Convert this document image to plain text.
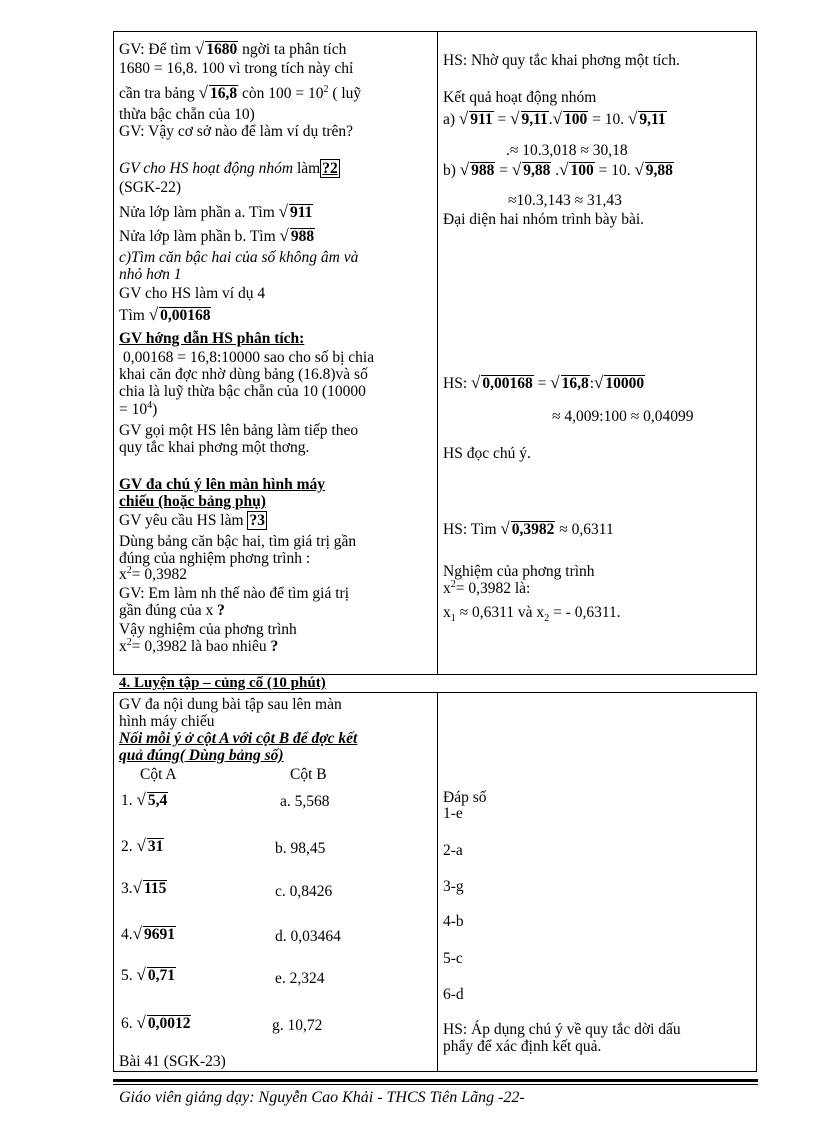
GV: Để tìm √ 1680 ngời ta phân tích
1680 = 16,8. 100 vì trong tích này chỉ
cần tra bảng √ 16,8 còn $100 = 10^2$ ( luỹ
thừa bậc chẵn của 10)
GV: Vậy cơ sở nào để làm ví dụ trên?
GV cho HS hoạt động nhóm làm ?2
(SGK-22)
Nửa lớp làm phần a. Tìm √ 911
Nửa lớp làm phần b. Tìm √ 988
c)Tìm căn bậc hai của số không âm và
nhỏ hơn 1
GV cho HS làm ví dụ 4
Tìm √ 0,00168
GV hớng dẫn HS phân tích:
0,00168 = 16,8:10000 sao cho số bị chia
khai căn đợc nhờ dùng bảng (16.8)và số
chia là luỹ thừa bậc chẵn của 10 (10000
= $10^4$)
GV gọi một HS lên bảng làm tiếp theo
quy tắc khai phơng một thơng.
GV đa chú ý lên màn hình máy
chiếu (hoặc bảng phụ)
GV yêu cầu HS làm ?3
Dùng bảng căn bậc hai, tìm giá trị gần
đúng của nghiệm phơng trình :
$x^2= 0,3982$
GV: Em làm nh thế nào để tìm giá trị
gần đúng của x ?
Vậy nghiệm của phơng trình
$x^2= 0,3982$ là bao nhiêu ?
HS: Nhờ quy tắc khai phơng một tích.
Kết quả hoạt động nhóm
a) √ 911 = √ 9,11.√ 100 = 10. √ 9,11
.≈ 10.3,018 ≈ 30,18
b) √ 988 = √ 9,88 .√ 100 = 10. √ 9,88
≈10.3,143 ≈ 31,43
Đại diện hai nhóm trình bày bài.
HS: √ 0,00168 = √ 16,8:√ 10000
≈ 4,009:100 ≈ 0,04099
HS đọc chú ý.
HS: Tìm √ 0,3982 ≈ 0,6311
Nghiệm của phơng trình
$x^2= 0,3982$ là:
$x_1 \approx 0,6311$ và $x_2$ = - 0,6311.
4. Luyện tập – củng cố (10 phút)
GV đa nội dung bài tập sau lên màn
hình máy chiếu
Nối mỗi ý ở cột A với cột B để đợc kết
quả đúng( Dùng bảng số)
Cột A	Cột B
1. √ 5,4
2. √ 31
3.√ 115
4.√ 9691
5. √ 0,71
6. √ 0,0012
a. 5,568
b. 98,45
c. 0,8426
d. 0,03464
e. 2,324
g. 10,72
Bài 41 (SGK-23)
Đáp số
1-e
2-a
3-g
4-b
5-c
6-d
HS: Áp dụng chú ý về quy tắc dời dấu
phẩy để xác định kết quả.
Giáo viên giảng dạy: Nguyễn Cao Khải - THCS Tiên Lãng -22-
